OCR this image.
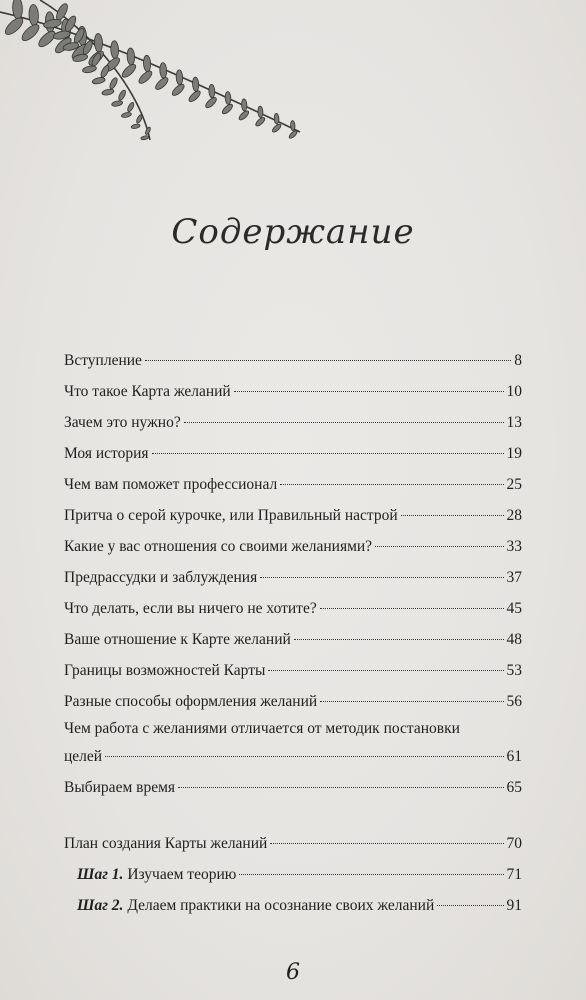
Содержание
Вступление	8
Что такое Карта желаний	10
Зачем это нужно?	13
Моя история	19
Чем вам поможет профессионал	25
Притча о серой курочке, или Правильный настрой	28
Какие у вас отношения со своими желаниями?	33
Предрассудки и заблуждения	37
Что делать, если вы ничего не хотите?	45
Ваше отношение к Карте желаний	48
Границы возможностей Карты	53
Разные способы оформления желаний	56
Чем работа с желаниями отличается от методик постановки
целей	61
Выбираем время	65
План создания Карты желаний	70
Шаг 1. Изучаем теорию	71
Шаг 2. Делаем практики на осознание своих желаний	91
6
